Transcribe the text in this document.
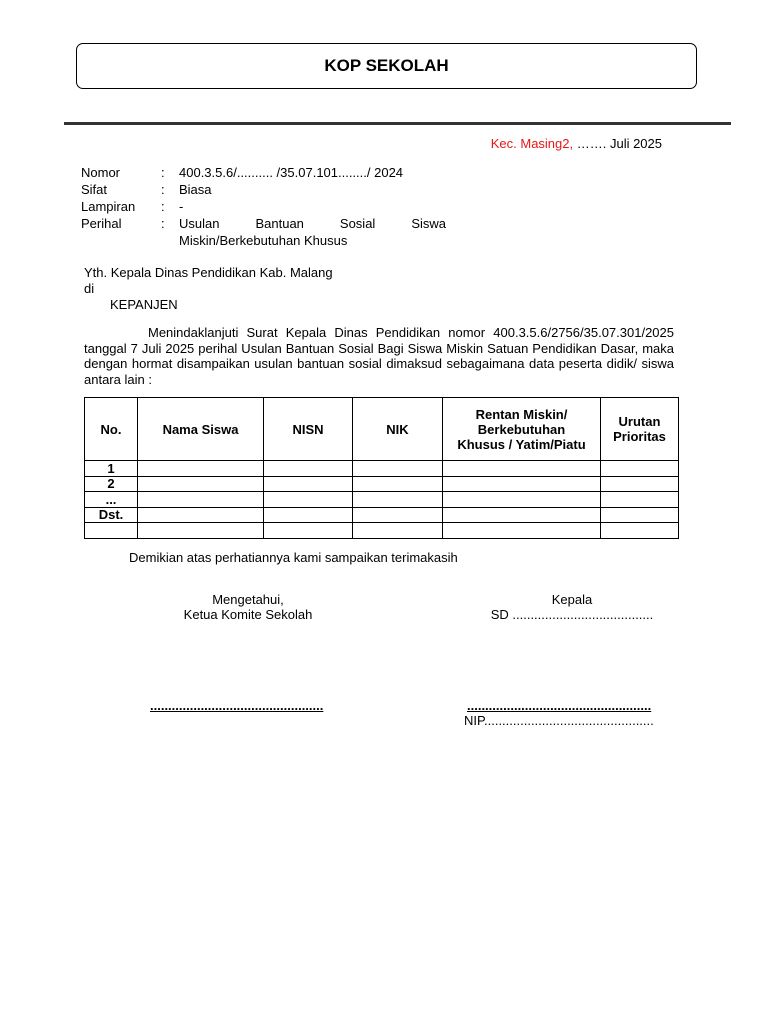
KOP SEKOLAH
Kec. Masing2, ……. Juli 2025
Nomor	:	400.3.5.6/.......... /35.07.101......../ 2024
Sifat	:	Biasa
Lampiran	:	-
Perihal	:	Usulan Bantuan Sosial Siswa
Miskin/Berkebutuhan Khusus
Yth. Kepala Dinas Pendidikan Kab. Malang
di
KEPANJEN
Menindaklanjuti Surat Kepala Dinas Pendidikan nomor 400.3.5.6/2756/35.07.301/2025 tanggal 7 Juli 2025 perihal Usulan Bantuan Sosial Bagi Siswa Miskin Satuan Pendidikan Dasar, maka dengan hormat disampaikan usulan bantuan sosial dimaksud sebagaimana data peserta didik/ siswa antara lain :
No.	Nama Siswa	NISN	NIK	Rentan Miskin/ Berkebutuhan Khusus / Yatim/Piatu	Urutan Prioritas
1					
2					
...					
Dst.					

Demikian atas perhatiannya kami sampaikan terimakasih
Mengetahui,
Ketua Komite Sekolah
Kepala
SD .......................................
................................................	...................................................
NIP...............................................
